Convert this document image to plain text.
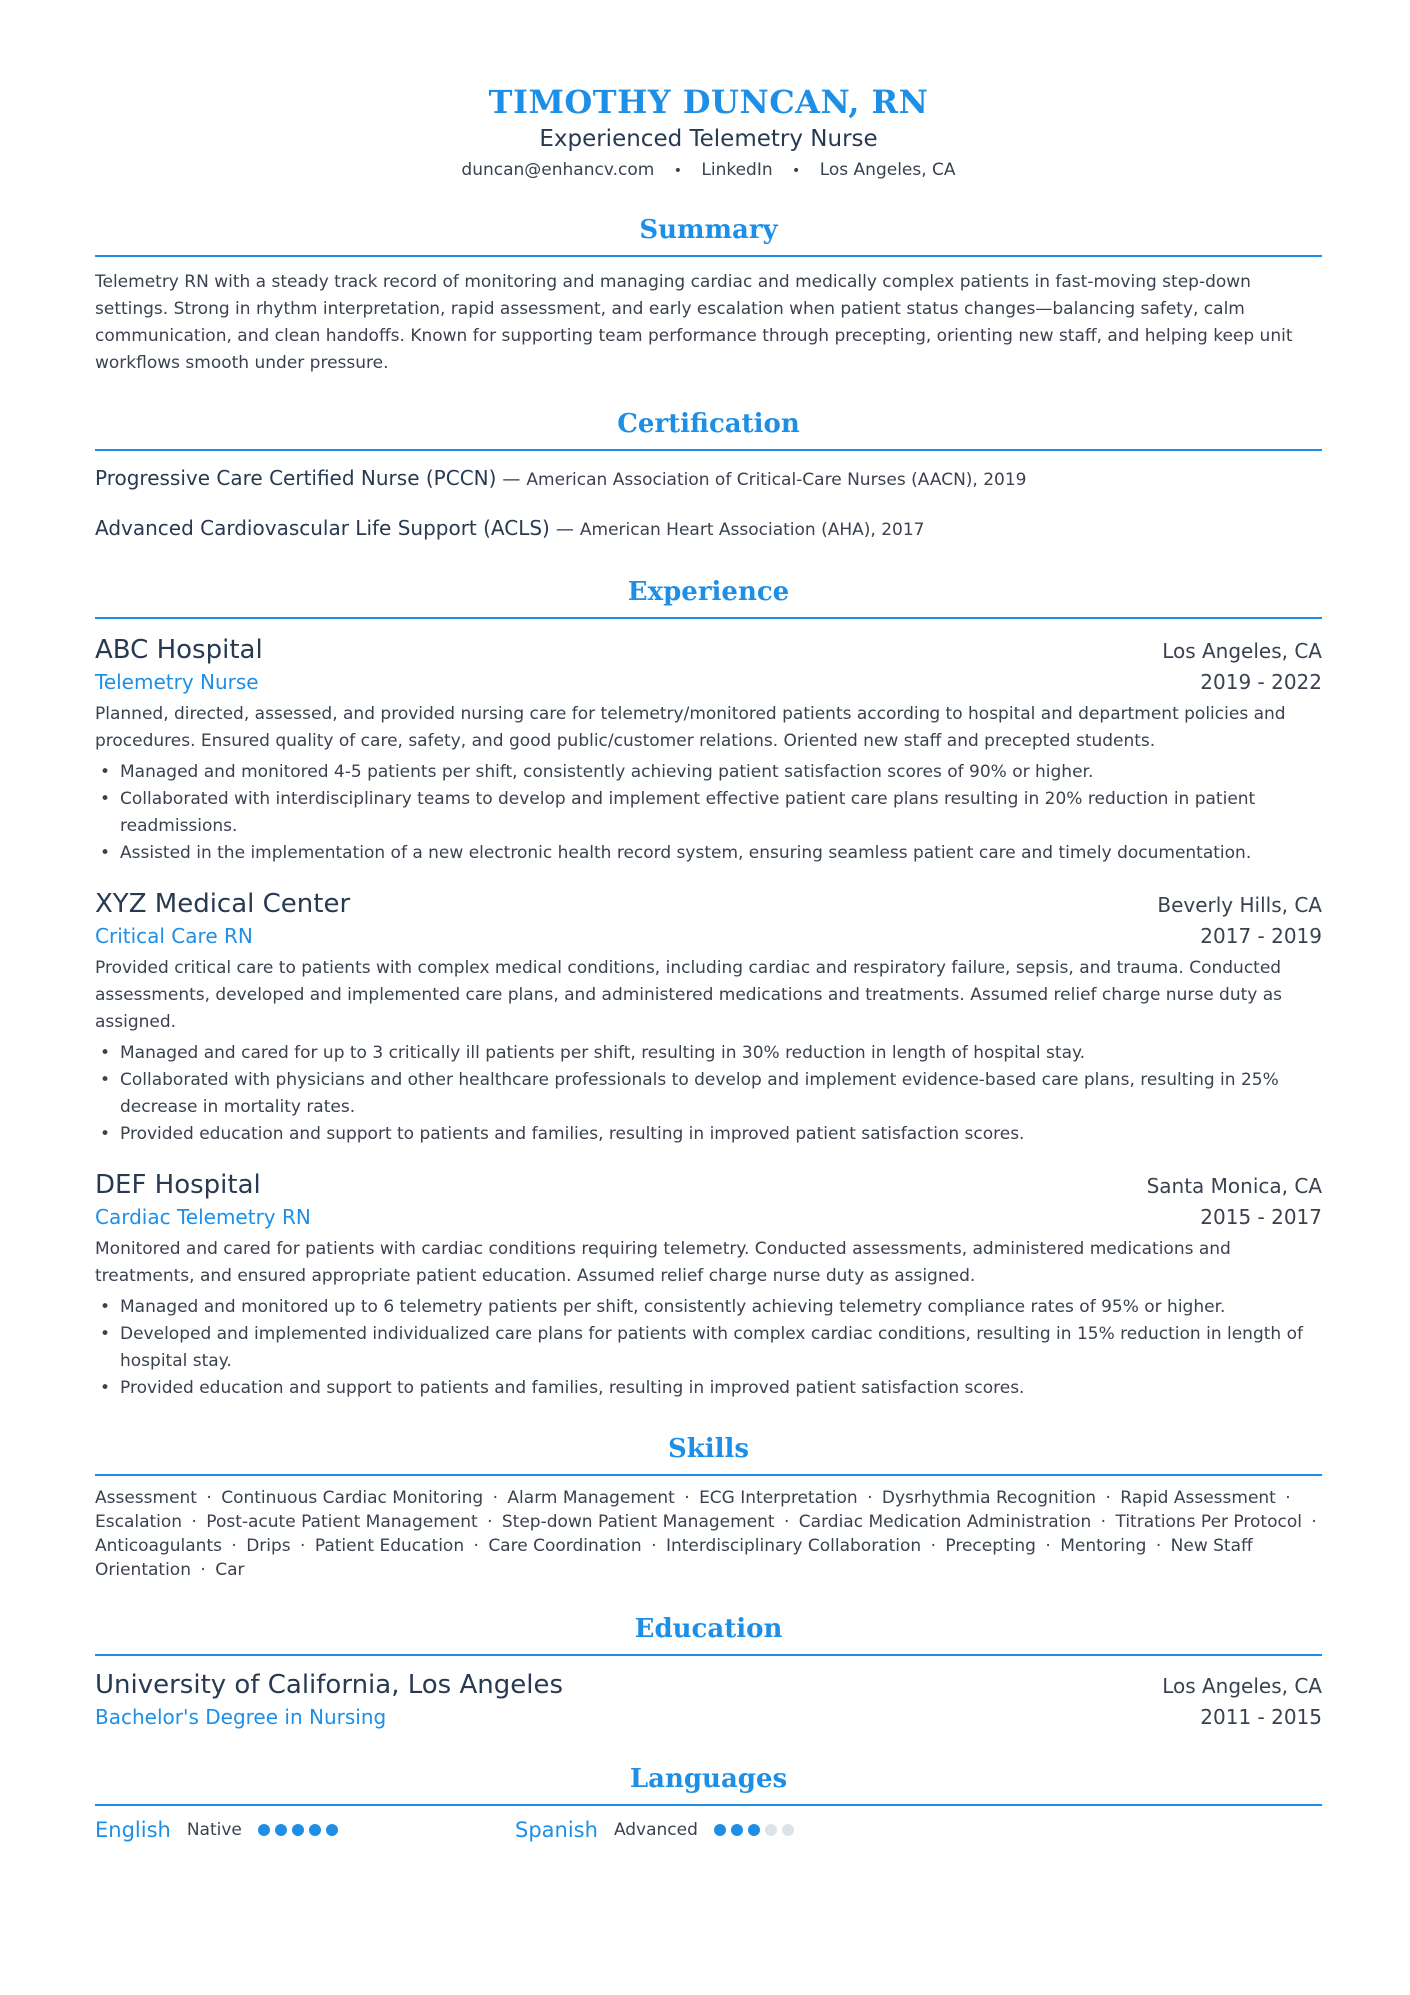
TIMOTHY DUNCAN, RN
Experienced Telemetry Nurse
duncan@enhancv.com • LinkedIn • Los Angeles, CA
Summary
Telemetry RN with a steady track record of monitoring and managing cardiac and medically complex patients in fast-moving step-down settings. Strong in rhythm interpretation, rapid assessment, and early escalation when patient status changes—balancing safety, calm communication, and clean handoffs. Known for supporting team performance through precepting, orienting new staff, and helping keep unit workflows smooth under pressure.
Certification
Progressive Care Certified Nurse (PCCN) — American Association of Critical-Care Nurses (AACN), 2019
Advanced Cardiovascular Life Support (ACLS) — American Heart Association (AHA), 2017
Experience
ABC Hospital	Los Angeles, CA
Telemetry Nurse	2019 - 2022
Planned, directed, assessed, and provided nursing care for telemetry/monitored patients according to hospital and department policies and procedures. Ensured quality of care, safety, and good public/customer relations. Oriented new staff and precepted students.
• Managed and monitored 4-5 patients per shift, consistently achieving patient satisfaction scores of 90% or higher.
• Collaborated with interdisciplinary teams to develop and implement effective patient care plans resulting in 20% reduction in patient readmissions.
• Assisted in the implementation of a new electronic health record system, ensuring seamless patient care and timely documentation.
XYZ Medical Center	Beverly Hills, CA
Critical Care RN	2017 - 2019
Provided critical care to patients with complex medical conditions, including cardiac and respiratory failure, sepsis, and trauma. Conducted assessments, developed and implemented care plans, and administered medications and treatments. Assumed relief charge nurse duty as assigned.
• Managed and cared for up to 3 critically ill patients per shift, resulting in 30% reduction in length of hospital stay.
• Collaborated with physicians and other healthcare professionals to develop and implement evidence-based care plans, resulting in 25% decrease in mortality rates.
• Provided education and support to patients and families, resulting in improved patient satisfaction scores.
DEF Hospital	Santa Monica, CA
Cardiac Telemetry RN	2015 - 2017
Monitored and cared for patients with cardiac conditions requiring telemetry. Conducted assessments, administered medications and treatments, and ensured appropriate patient education. Assumed relief charge nurse duty as assigned.
• Managed and monitored up to 6 telemetry patients per shift, consistently achieving telemetry compliance rates of 95% or higher.
• Developed and implemented individualized care plans for patients with complex cardiac conditions, resulting in 15% reduction in length of hospital stay.
• Provided education and support to patients and families, resulting in improved patient satisfaction scores.
Skills
Assessment · Continuous Cardiac Monitoring · Alarm Management · ECG Interpretation · Dysrhythmia Recognition · Rapid Assessment · Escalation · Post-acute Patient Management · Step-down Patient Management · Cardiac Medication Administration · Titrations Per Protocol · Anticoagulants · Drips · Patient Education · Care Coordination · Interdisciplinary Collaboration · Precepting · Mentoring · New Staff Orientation · Car
Education
University of California, Los Angeles	Los Angeles, CA
Bachelor's Degree in Nursing	2011 - 2015
Languages
English Native	Spanish Advanced
